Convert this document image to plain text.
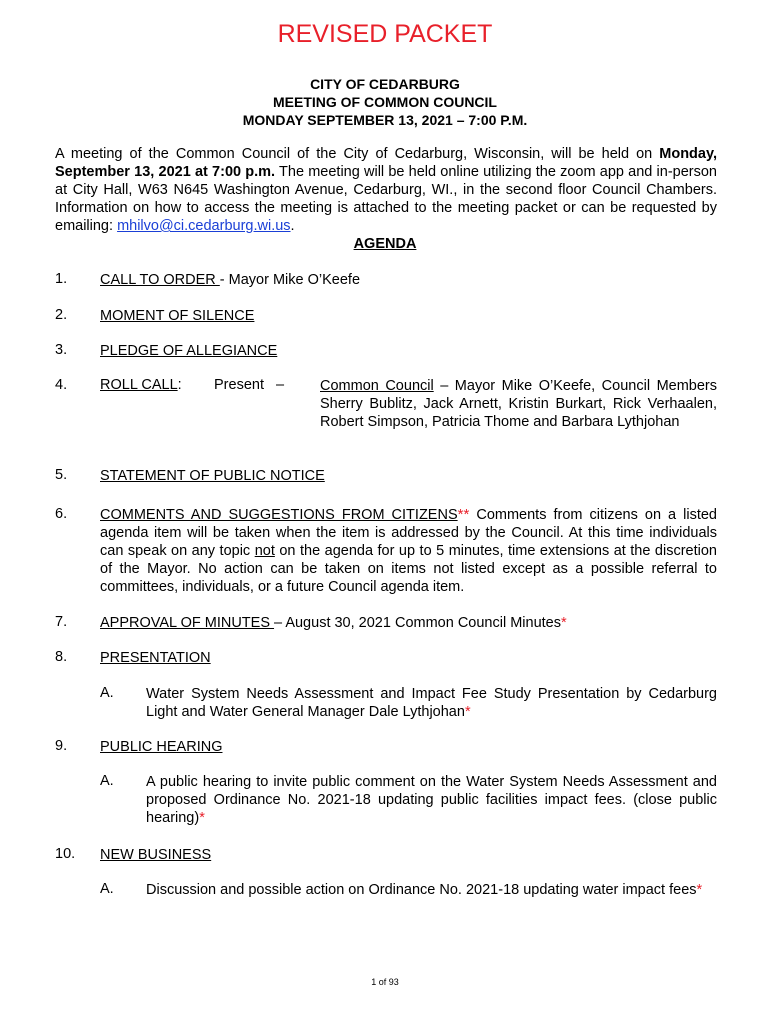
REVISED PACKET
CITY OF CEDARBURG
MEETING OF COMMON COUNCIL
MONDAY SEPTEMBER 13, 2021 – 7:00 P.M.
A meeting of the Common Council of the City of Cedarburg, Wisconsin, will be held on Monday, September 13, 2021 at 7:00 p.m. The meeting will be held online utilizing the zoom app and in-person at City Hall, W63 N645 Washington Avenue, Cedarburg, WI., in the second floor Council Chambers. Information on how to access the meeting is attached to the meeting packet or can be requested by emailing: mhilvo@ci.cedarburg.wi.us.
AGENDA
1. CALL TO ORDER - Mayor Mike O’Keefe
2. MOMENT OF SILENCE
3. PLEDGE OF ALLEGIANCE
4. ROLL CALL: Present   – Common Council – Mayor Mike O’Keefe, Council Members Sherry Bublitz, Jack Arnett, Kristin Burkart, Rick Verhaalen, Robert Simpson, Patricia Thome and Barbara Lythjohan
5. STATEMENT OF PUBLIC NOTICE
6. COMMENTS AND SUGGESTIONS FROM CITIZENS** Comments from citizens on a listed agenda item will be taken when the item is addressed by the Council. At this time individuals can speak on any topic not on the agenda for up to 5 minutes, time extensions at the discretion of the Mayor. No action can be taken on items not listed except as a possible referral to committees, individuals, or a future Council agenda item.
7. APPROVAL OF MINUTES – August 30, 2021 Common Council Minutes*
8. PRESENTATION
A. Water System Needs Assessment and Impact Fee Study Presentation by Cedarburg Light and Water General Manager Dale Lythjohan*
9. PUBLIC HEARING
A. A public hearing to invite public comment on the Water System Needs Assessment and proposed Ordinance No. 2021-18 updating public facilities impact fees. (close public hearing)*
10. NEW BUSINESS
A. Discussion and possible action on Ordinance No. 2021-18 updating water impact fees*
1 of 93
